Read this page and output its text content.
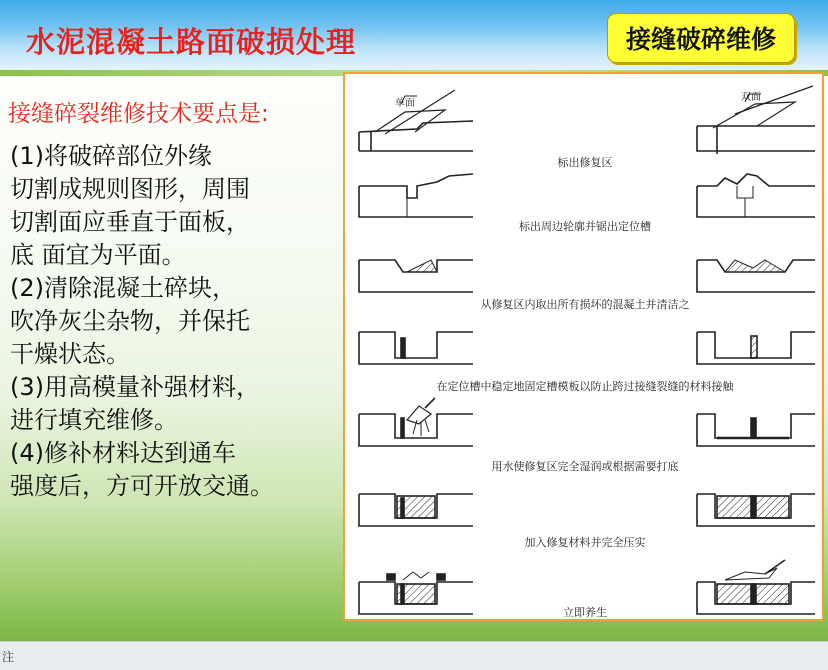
水泥混凝土路面破损处理	接缝破碎维修
接缝碎裂维修技术要点是:
(1)将破碎部位外缘
切割成规则图形，周围
切割面应垂直于面板，
底 面宜为平面。
(2)清除混凝土碎块，
吹净灰尘杂物，并保托
干燥状态。
(3)用高模量补强材料，
进行填充维修。
(4)修补材料达到通车
强度后，方可开放交通。
单面
双面
标出修复区
标出周边轮廓并锯出定位槽
从修复区内取出所有损坏的混凝土并清洁之
在定位槽中稳定地固定槽模板以防止跨过接缝裂缝的材料接触
用水使修复区完全湿润或根据需要打底
加入修复材料并完全压实
立即养生
注
